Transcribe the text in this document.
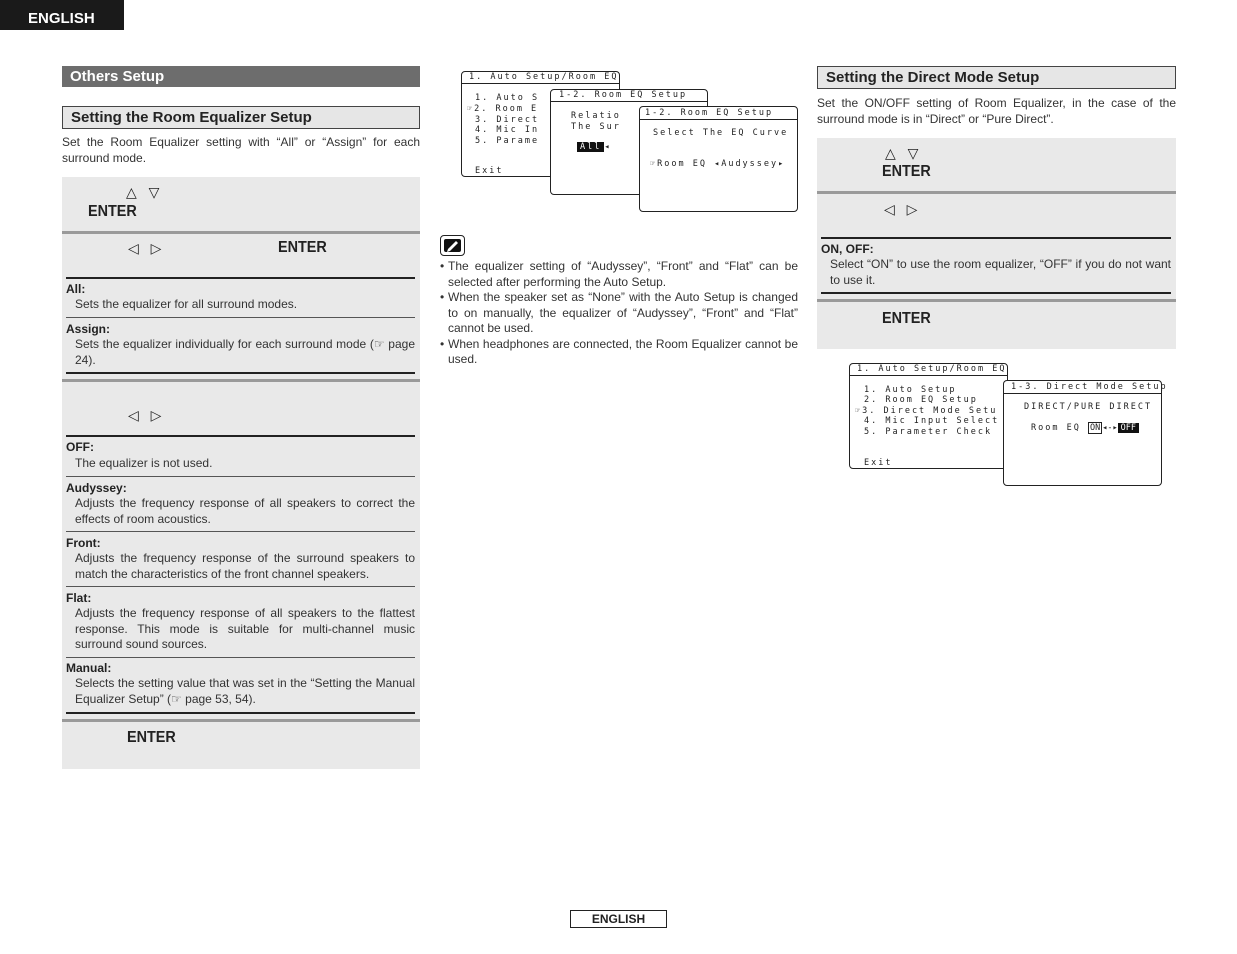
ENGLISH
Others Setup
Setting the Room Equalizer Setup
Set the Room Equalizer setting with “All” or “Assign” for each surround mode.
△ ▽
ENTER
◁ ▷	ENTER
All:
Sets the equalizer for all surround modes.
Assign:
Sets the equalizer individually for each surround mode (☞ page 24).
◁ ▷
OFF:
The equalizer is not used.
Audyssey:
Adjusts the frequency response of all speakers to correct the effects of room acoustics.
Front:
Adjusts the frequency response of the surround speakers to match the characteristics of the front channel speakers.
Flat:
Adjusts the frequency response of all speakers to the flattest response. This mode is suitable for multi-channel music surround sound sources.
Manual:
Selects the setting value that was set in the “Setting the Manual Equalizer Setup” (☞ page 53, 54).
ENTER
1. Auto Setup/Room EQ
1. Auto S
☞2. Room E
3. Direct
4. Mic In
5. Parame
Exit
1-2. Room EQ Setup
Relatio
The Sur
All ◂
1-2. Room EQ Setup
Select The EQ Curve
☞Room EQ ◂Audyssey▸
• The equalizer setting of “Audyssey”, “Front” and “Flat” can be selected after performing the Auto Setup.
• When the speaker set as “None” with the Auto Setup is changed to on manually, the equalizer of “Audyssey”, “Front” and “Flat” cannot be used.
• When headphones are connected, the Room Equalizer cannot be used.
Setting the Direct Mode Setup
Set the ON/OFF setting of Room Equalizer, in the case of the surround mode is in “Direct” or “Pure Direct”.
△ ▽
ENTER
◁ ▷
ON, OFF:
Select “ON” to use the room equalizer, “OFF” if you do not want to use it.
ENTER
1. Auto Setup/Room EQ
1. Auto Setup
2. Room EQ Setup
☞3. Direct Mode Setu
4. Mic Input Select
5. Parameter Check
Exit
1-3. Direct Mode Setup
DIRECT/PURE DIRECT
Room EQ ON ◂-▸ OFF
ENGLISH
